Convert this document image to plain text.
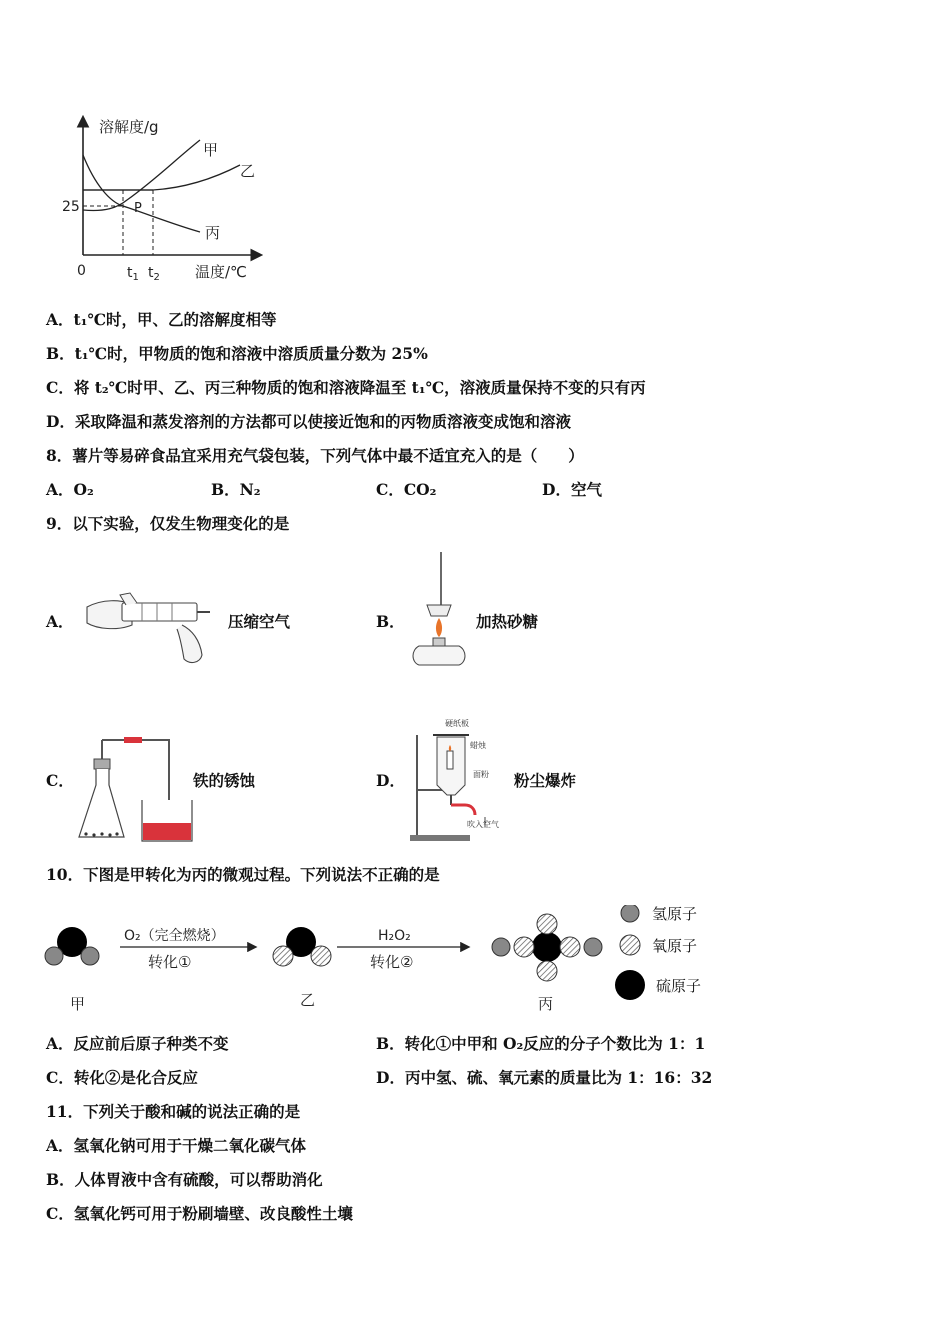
溶解度/g
25
0	$t_1$ $t_2$ 温度/℃
P
甲
乙
丙
A．t₁℃时，甲、乙的溶解度相等
B．t₁℃时，甲物质的饱和溶液中溶质质量分数为 25%
C．将 t₂℃时甲、乙、丙三种物质的饱和溶液降温至 t₁℃，溶液质量保持不变的只有丙
D．采取降温和蒸发溶剂的方法都可以使接近饱和的丙物质溶液变成饱和溶液
8．薯片等易碎食品宜采用充气袋包装，下列气体中最不适宜充入的是（　　）
A．O₂	B．N₂	C．CO₂	D．空气
9．以下实验，仅发生物理变化的是
A．	压缩空气	B．	加热砂糖
C．	铁的锈蚀	D．
硬纸板
蜡烛
面粉
吹入空气
粉尘爆炸
10．下图是甲转化为丙的微观过程。下列说法不正确的是
甲
O₂（完全燃烧）
转化①
乙
H₂O₂
转化②
丙
氢原子
氧原子
硫原子
A．反应前后原子种类不变	B．转化①中甲和 O₂反应的分子个数比为 1：1
C．转化②是化合反应	D．丙中氢、硫、氧元素的质量比为 1：16：32
11．下列关于酸和碱的说法正确的是
A．氢氧化钠可用于干燥二氧化碳气体
B．人体胃液中含有硫酸，可以帮助消化
C．氢氧化钙可用于粉刷墙壁、改良酸性土壤
